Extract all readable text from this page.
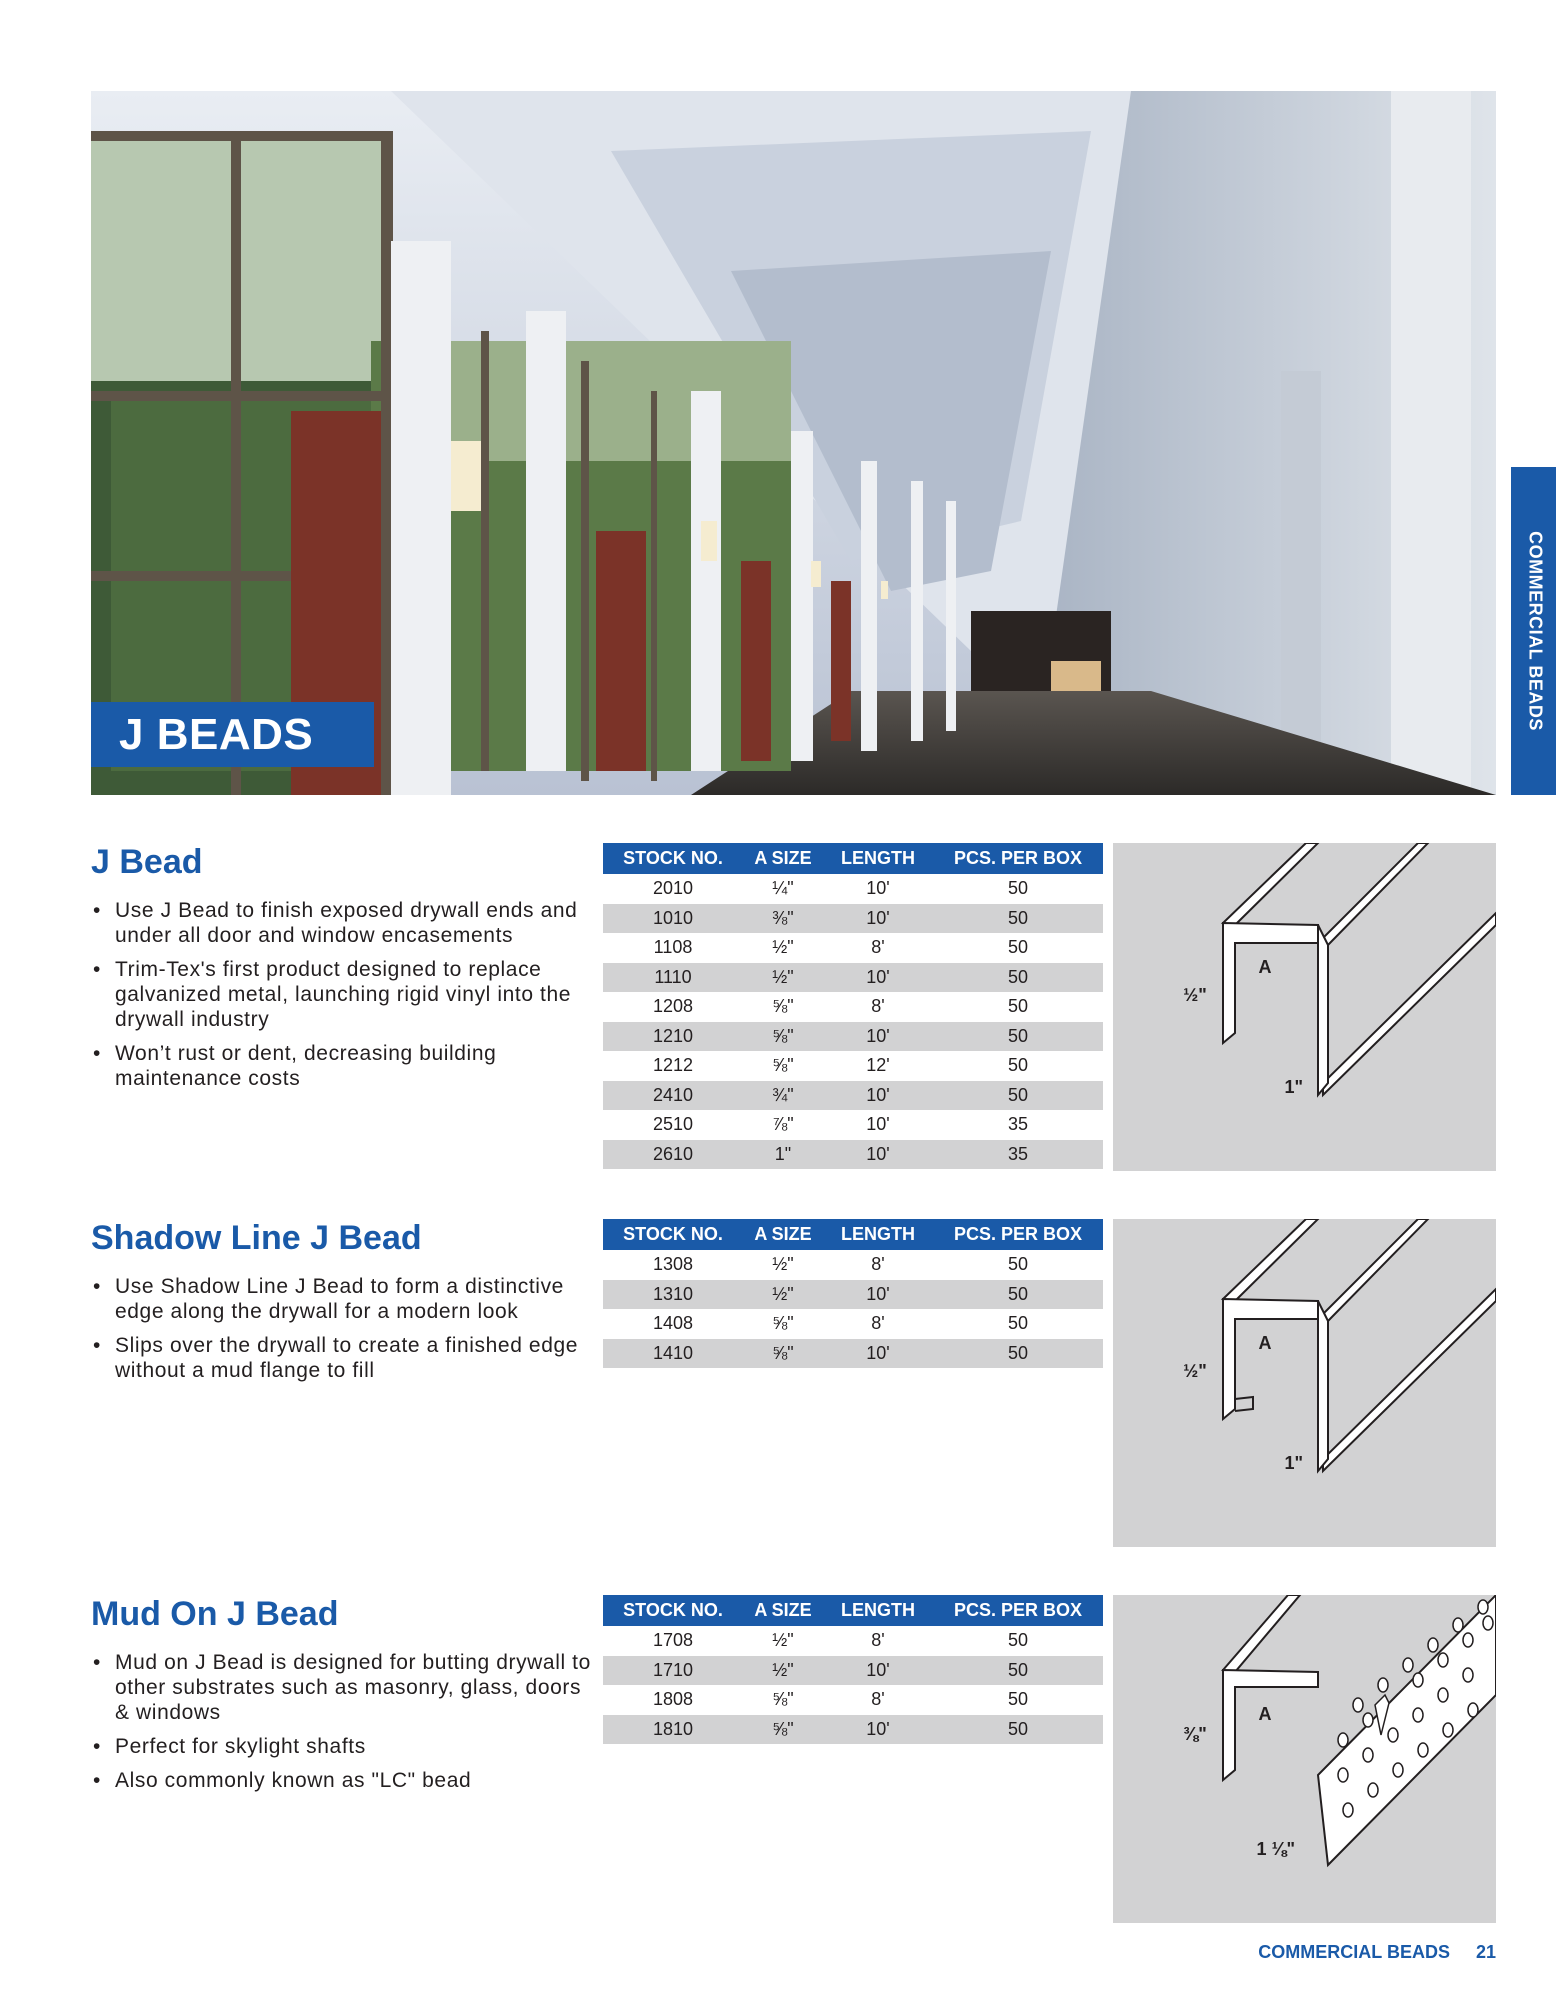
J BEADS
COMMERCIAL BEADS
J Bead
• Use J Bead to finish exposed drywall ends and under all door and window encasements
• Trim-Tex's first product designed to replace galvanized metal, launching rigid vinyl into the drywall industry
• Won’t rust or dent, decreasing building maintenance costs
STOCK NO.	A SIZE	LENGTH	PCS. PER BOX
2010	¼"	10'	50
1010	⅜"	10'	50
1108	½"	8'	50
1110	½"	10'	50
1208	⅝"	8'	50
1210	⅝"	10'	50
1212	⅝"	12'	50
2410	¾"	10'	50
2510	⅞"	10'	35
2610	1"	10'	35
A
½"
1"
Shadow Line J Bead
• Use Shadow Line J Bead to form a distinctive edge along the drywall for a modern look
• Slips over the drywall to create a finished edge without a mud flange to fill
STOCK NO.	A SIZE	LENGTH	PCS. PER BOX
1308	½"	8'	50
1310	½"	10'	50
1408	⅝"	8'	50
1410	⅝"	10'	50	A
½"
1"
Mud On J Bead
• Mud on J Bead is designed for butting drywall to other substrates such as masonry, glass, doors & windows
• Perfect for skylight shafts
• Also commonly known as "LC" bead
STOCK NO.	A SIZE	LENGTH	PCS. PER BOX
1708	½"	8'	50
1710	½"	10'	50
1808	⅝"	8'	50
1810	⅝"	10'	50
A
⅜"
1 ⅛"
COMMERCIAL BEADS 21
